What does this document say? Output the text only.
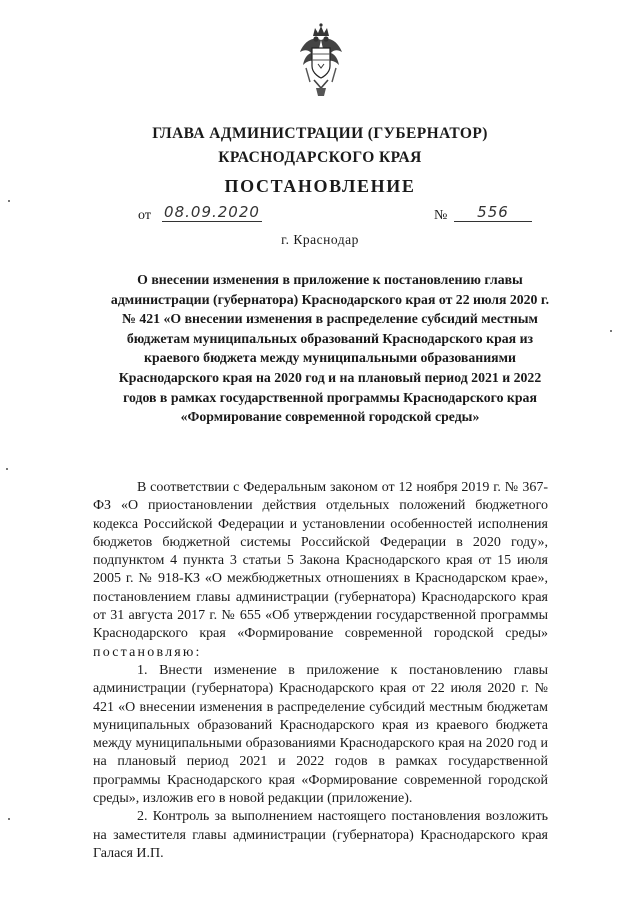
ГЛАВА АДМИНИСТРАЦИИ (ГУБЕРНАТОР)
КРАСНОДАРСКОГО КРАЯ
ПОСТАНОВЛЕНИЕ
от 08.09.2020	№	556
г. Краснодар
О внесении изменения в приложение к постановлению главы администрации (губернатора) Краснодарского края от 22 июля 2020 г. № 421 «О внесении изменения в распределение субсидий местным бюджетам муниципальных образований Краснодарского края из краевого бюджета между муниципальными образованиями Краснодарского края на 2020 год и на плановый период 2021 и 2022 годов в рамках государственной программы Краснодарского края «Формирование современной городской среды»

В соответствии с Федеральным законом от 12 ноября 2019 г. № 367-ФЗ «О приостановлении действия отдельных положений бюджетного кодекса Российской Федерации и установлении особенностей исполнения бюджетов бюджетной системы Российской Федерации в 2020 году», подпунктом 4 пункта 3 статьи 5 Закона Краснодарского края от 15 июля 2005 г. № 918-КЗ «О межбюджетных отношениях в Краснодарском крае», постановлением главы администрации (губернатора) Краснодарского края от 31 августа 2017 г. № 655 «Об утверждении государственной программы Краснодарского края «Формирование современной городской среды» постановляю:

1. Внести изменение в приложение к постановлению главы администрации (губернатора) Краснодарского края от 22 июля 2020 г. № 421 «О внесении изменения в распределение субсидий местным бюджетам муниципальных образований Краснодарского края из краевого бюджета между муниципальными образованиями Краснодарского края на 2020 год и на плановый период 2021 и 2022 годов в рамках государственной программы Краснодарского края «Формирование современной городской среды», изложив его в новой редакции (приложение).

2. Контроль за выполнением настоящего постановления возложить на заместителя главы администрации (губернатора) Краснодарского края Галася И.П.
